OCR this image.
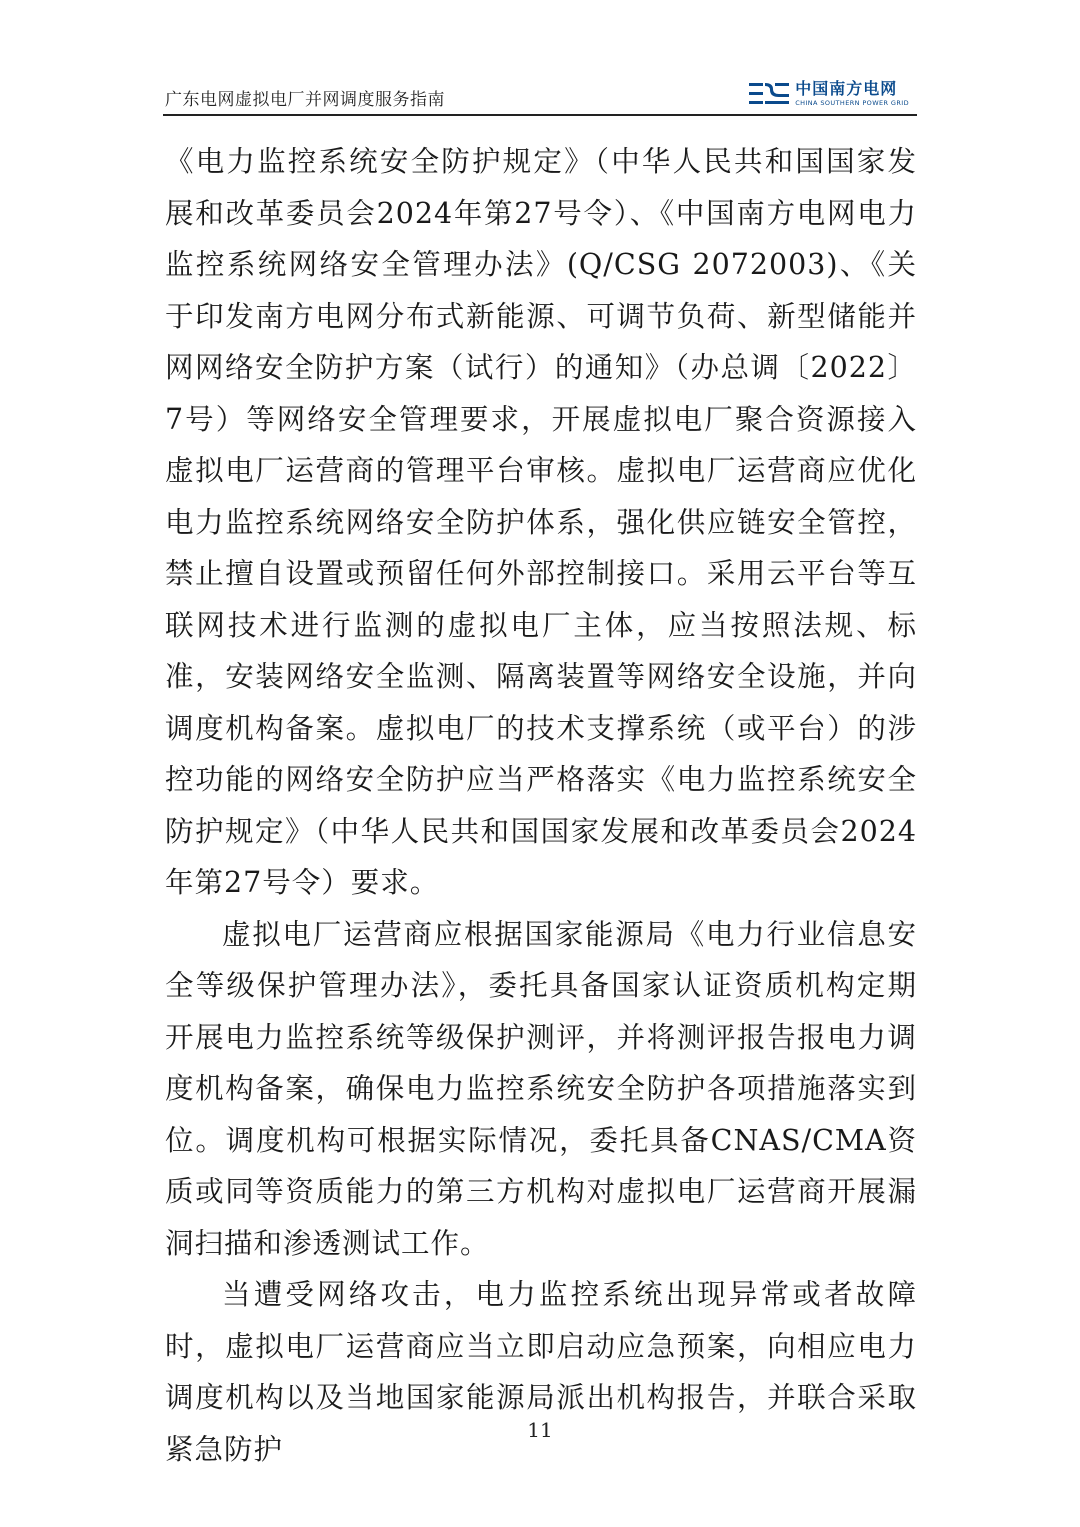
广东电网虚拟电厂并网调度服务指南
中国南方电网
CHINA SOUTHERN POWER GRID

《电力监控系统安全防护规定》（中华人民共和国国家发展和改革委员会2024年第27号令）、《中国南方电网电力监控系统网络安全管理办法》(Q/CSG 2072003)、《关于印发南方电网分布式新能源、可调节负荷、新型储能并网网络安全防护方案（试行）的通知》（办总调〔2022〕7号）等网络安全管理要求，开展虚拟电厂聚合资源接入虚拟电厂运营商的管理平台审核。虚拟电厂运营商应优化电力监控系统网络安全防护体系，强化供应链安全管控，禁止擅自设置或预留任何外部控制接口。采用云平台等互联网技术进行监测的虚拟电厂主体，应当按照法规、标准，安装网络安全监测、隔离装置等网络安全设施，并向调度机构备案。虚拟电厂的技术支撑系统（或平台）的涉控功能的网络安全防护应当严格落实《电力监控系统安全防护规定》（中华人民共和国国家发展和改革委员会2024年第27号令）要求。

虚拟电厂运营商应根据国家能源局《电力行业信息安全等级保护管理办法》，委托具备国家认证资质机构定期开展电力监控系统等级保护测评，并将测评报告报电力调度机构备案，确保电力监控系统安全防护各项措施落实到位。调度机构可根据实际情况，委托具备CNAS/CMA资质或同等资质能力的第三方机构对虚拟电厂运营商开展漏洞扫描和渗透测试工作。

当遭受网络攻击，电力监控系统出现异常或者故障时，虚拟电厂运营商应当立即启动应急预案，向相应电力调度机构以及当地国家能源局派出机构报告，并联合采取紧急防护

11
